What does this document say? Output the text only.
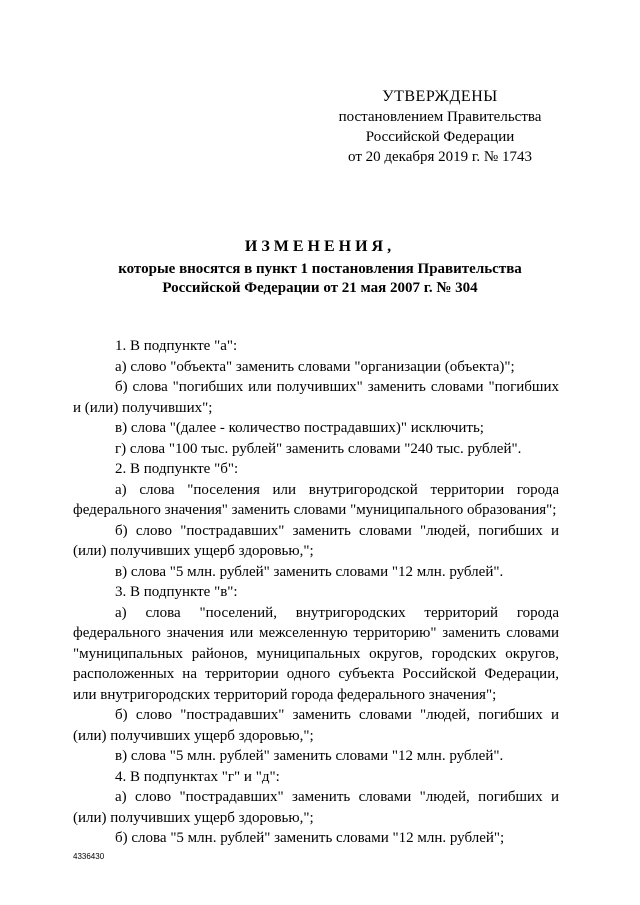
УТВЕРЖДЕНЫ
постановлением Правительства
Российской Федерации
от 20 декабря 2019 г. № 1743
ИЗМЕНЕНИЯ,
которые вносятся в пункт 1 постановления Правительства
Российской Федерации от 21 мая 2007 г. № 304

1. В подпункте "а":

а) слово "объекта" заменить словами "организации (объекта)";

б) слова "погибших или получивших" заменить словами "погибших и (или) получивших";

в) слова "(далее - количество пострадавших)" исключить;

г) слова "100 тыс. рублей" заменить словами "240 тыс. рублей".

2. В подпункте "б":

а) слова "поселения или внутригородской территории города федерального значения" заменить словами "муниципального образования";

б) слово "пострадавших" заменить словами "людей, погибших и (или) получивших ущерб здоровью,";

в) слова "5 млн. рублей" заменить словами "12 млн. рублей".

3. В подпункте "в":

а) слова "поселений, внутригородских территорий города федерального значения или межселенную территорию" заменить словами "муниципальных районов, муниципальных округов, городских округов, расположенных на территории одного субъекта Российской Федерации, или внутригородских территорий города федерального значения";

б) слово "пострадавших" заменить словами "людей, погибших и (или) получивших ущерб здоровью,";

в) слова "5 млн. рублей" заменить словами "12 млн. рублей".

4. В подпунктах "г" и "д":

а) слово "пострадавших" заменить словами "людей, погибших и (или) получивших ущерб здоровью,";

б) слова "5 млн. рублей" заменить словами "12 млн. рублей";

4336430
